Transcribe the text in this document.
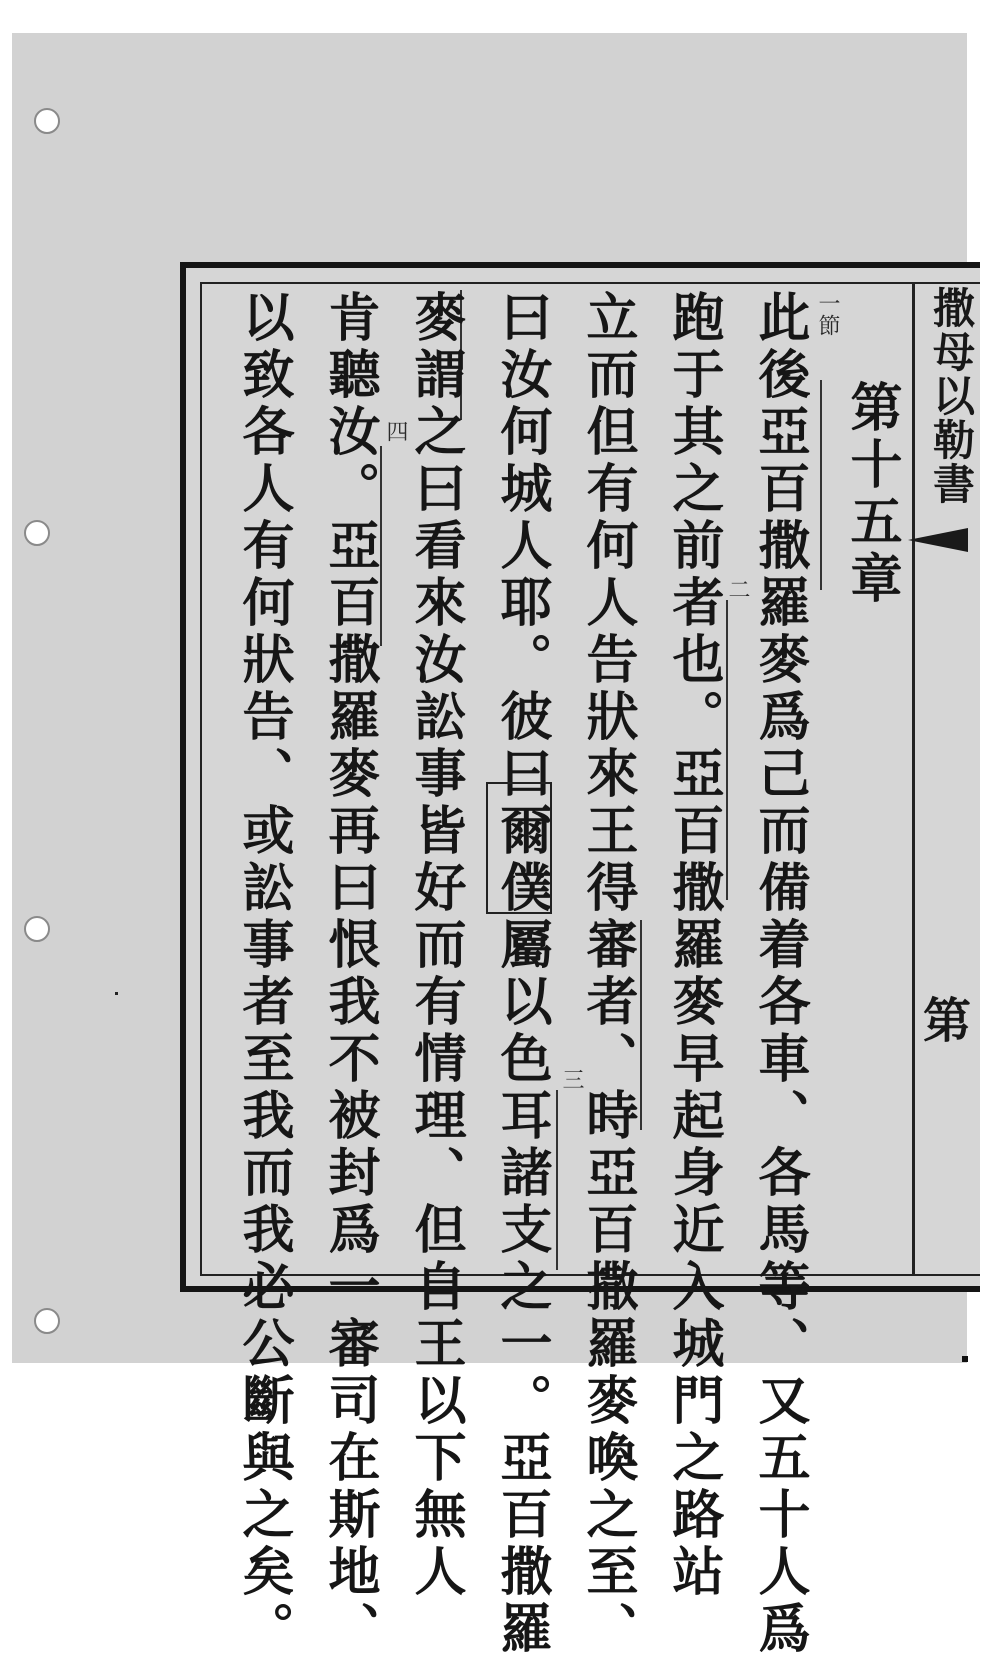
撒母以勒書
第
一節
第十五章
此後亞百撒羅麥爲己而備着各車、各馬等、又五十人爲
二
跑于其之前者也。亞百撒羅麥早起身近入城門之路站
立而但有何人告狀來王得審者、時亞百撒羅麥喚之至、
三
曰汝何城人耶。彼曰爾僕屬以色耳諸支之一。亞百撒羅
麥謂之曰看來汝訟事皆好而有情理、但自王以下無人
四
肯聽汝。亞百撒羅麥再曰恨我不被封爲一審司在斯地、
以致各人有何狀告、或訟事者至我而我必公斷與之矣。
